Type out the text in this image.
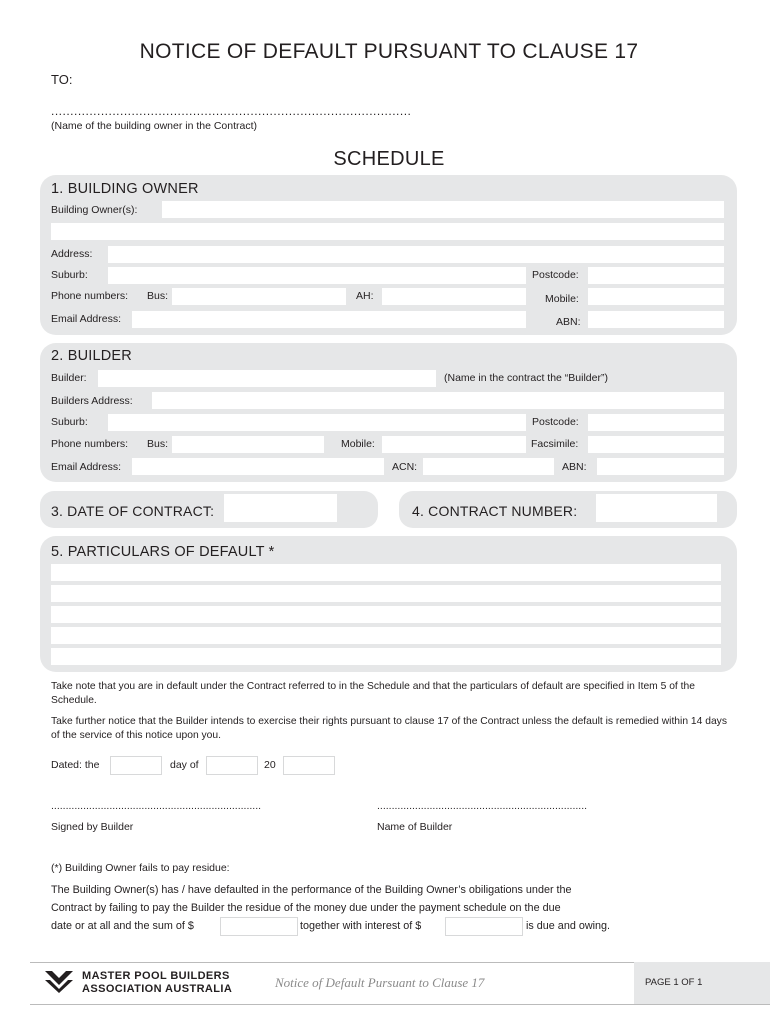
NOTICE OF DEFAULT PURSUANT TO CLAUSE 17
TO:
..............................................................................................
(Name of the building owner in the Contract)
SCHEDULE
1. BUILDING OWNER
Building Owner(s):
Address:
Suburb:	Postcode:
Phone numbers: Bus:	AH:	Mobile:
Email Address:	ABN:
2. BUILDER
Builder:	(Name in the contract the “Builder”)
Builders Address:
Suburb:	Postcode:
Phone numbers: Bus:	Mobile:	Facsimile:
Email Address:	ACN:	ABN:
3. DATE OF CONTRACT:	4. CONTRACT NUMBER:
5. PARTICULARS OF DEFAULT *
Take note that you are in default under the Contract referred to in the Schedule and that the particulars of default are specified in Item 5 of the Schedule.
Take further notice that the Builder intends to exercise their rights pursuant to clause 17 of the Contract unless the default is remedied within 14 days of the service of this notice upon you.
Dated: the	day of	20
........................................................................	........................................................................
Signed by Builder	Name of Builder
(*) Building Owner fails to pay residue:
The Building Owner(s) has / have defaulted in the performance of the Building Owner’s obiligations under the
Contract by failing to pay the Builder the residue of the money due under the payment schedule on the due
date or at all and the sum of $	together with interest of $	is due and owing.
MASTER POOL BUILDERS
ASSOCIATION AUSTRALIA	Notice of Default Pursuant to Clause 17	PAGE 1 OF 1
